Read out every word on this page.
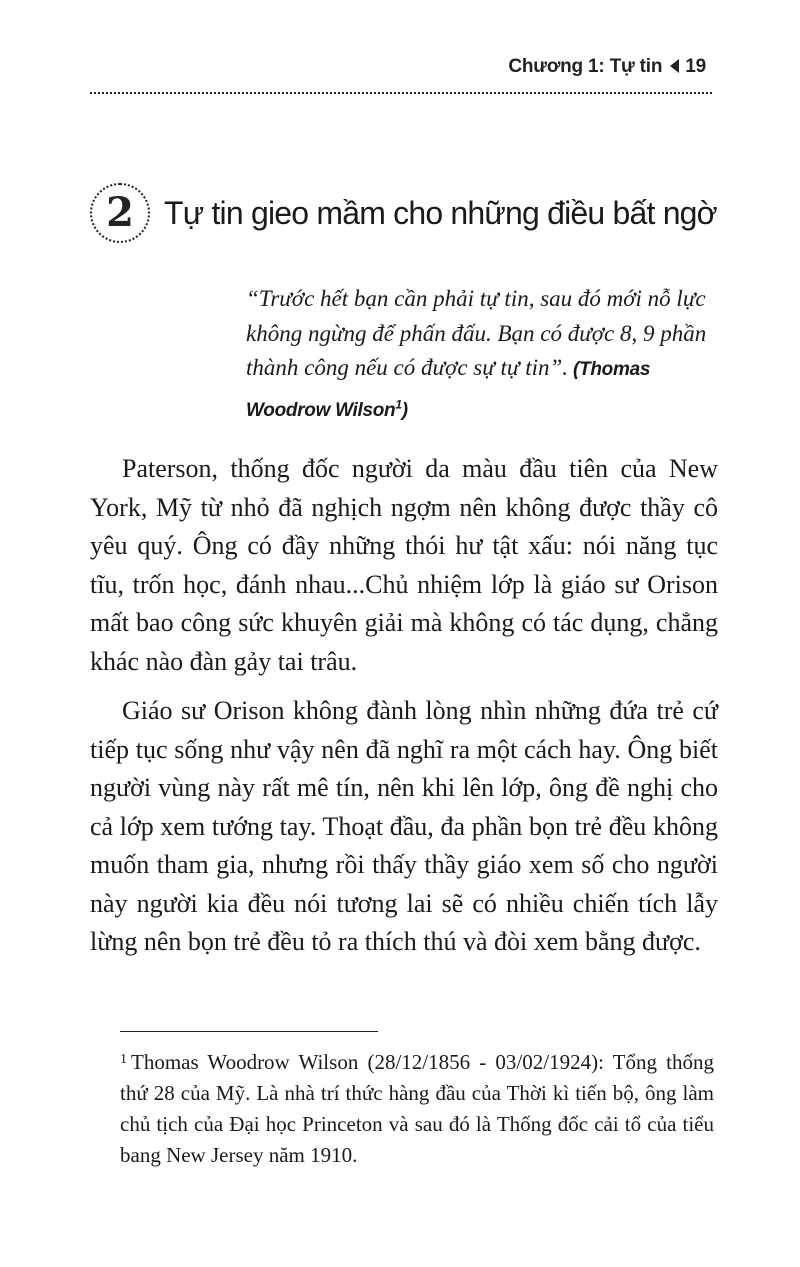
Chương 1: Tự tin 19
2 Tự tin gieo mầm cho những điều bất ngờ
“Trước hết bạn cần phải tự tin, sau đó mới nỗ lực không ngừng để phấn đấu. Bạn có được 8, 9 phần thành công nếu có được sự tự tin”. (Thomas Woodrow Wilson$^1$)

Paterson, thống đốc người da màu đầu tiên của New York, Mỹ từ nhỏ đã nghịch ngợm nên không được thầy cô yêu quý. Ông có đầy những thói hư tật xấu: nói năng tục tĩu, trốn học, đánh nhau...Chủ nhiệm lớp là giáo sư Orison mất bao công sức khuyên giải mà không có tác dụng, chẳng khác nào đàn gảy tai trâu.

Giáo sư Orison không đành lòng nhìn những đứa trẻ cứ tiếp tục sống như vậy nên đã nghĩ ra một cách hay. Ông biết người vùng này rất mê tín, nên khi lên lớp, ông đề nghị cho cả lớp xem tướng tay. Thoạt đầu, đa phần bọn trẻ đều không muốn tham gia, nhưng rồi thấy thầy giáo xem số cho người này người kia đều nói tương lai sẽ có nhiều chiến tích lẫy lừng nên bọn trẻ đều tỏ ra thích thú và đòi xem bằng được.

$^1$ Thomas Woodrow Wilson (28/12/1856 - 03/02/1924): Tổng thống thứ 28 của Mỹ. Là nhà trí thức hàng đầu của Thời kì tiến bộ, ông làm chủ tịch của Đại học Princeton và sau đó là Thống đốc cải tổ của tiểu bang New Jersey năm 1910.
